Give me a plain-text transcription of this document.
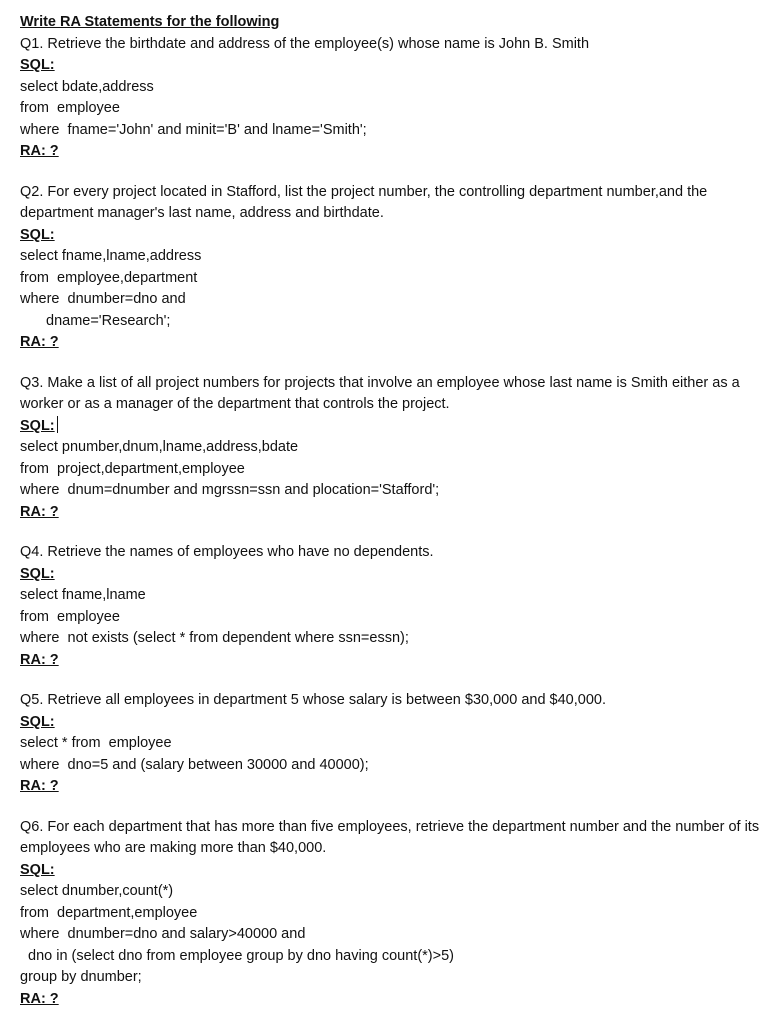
Write RA Statements for the following
Q1. Retrieve the birthdate and address of the employee(s) whose name is John B. Smith
SQL:
select bdate,address
from  employee
where  fname='John' and minit='B' and lname='Smith';
RA: ?
Q2. For every project located in Stafford, list the project number, the controlling department number,and the department manager's last name, address and birthdate.
SQL:
select fname,lname,address
from  employee,department
where  dnumber=dno and
dname='Research';
RA: ?
Q3. Make a list of all project numbers for projects that involve an employee whose last name is Smith either as a worker or as a manager of the department that controls the project.
SQL:
select pnumber,dnum,lname,address,bdate
from  project,department,employee
where  dnum=dnumber and mgrssn=ssn and plocation='Stafford';
RA: ?
Q4. Retrieve the names of employees who have no dependents.
SQL:
select fname,lname
from  employee
where  not exists (select * from dependent where ssn=essn);
RA: ?
Q5. Retrieve all employees in department 5 whose salary is between $30,000 and $40,000.
SQL:
select * from  employee
where  dno=5 and (salary between 30000 and 40000);
RA: ?
Q6. For each department that has more than five employees, retrieve the department number and the number of its employees who are making more than $40,000.
SQL:
select dnumber,count(*)
from  department,employee
where  dnumber=dno and salary>40000 and
dno in (select dno from employee group by dno having count(*)>5)
group by dnumber;
RA: ?
